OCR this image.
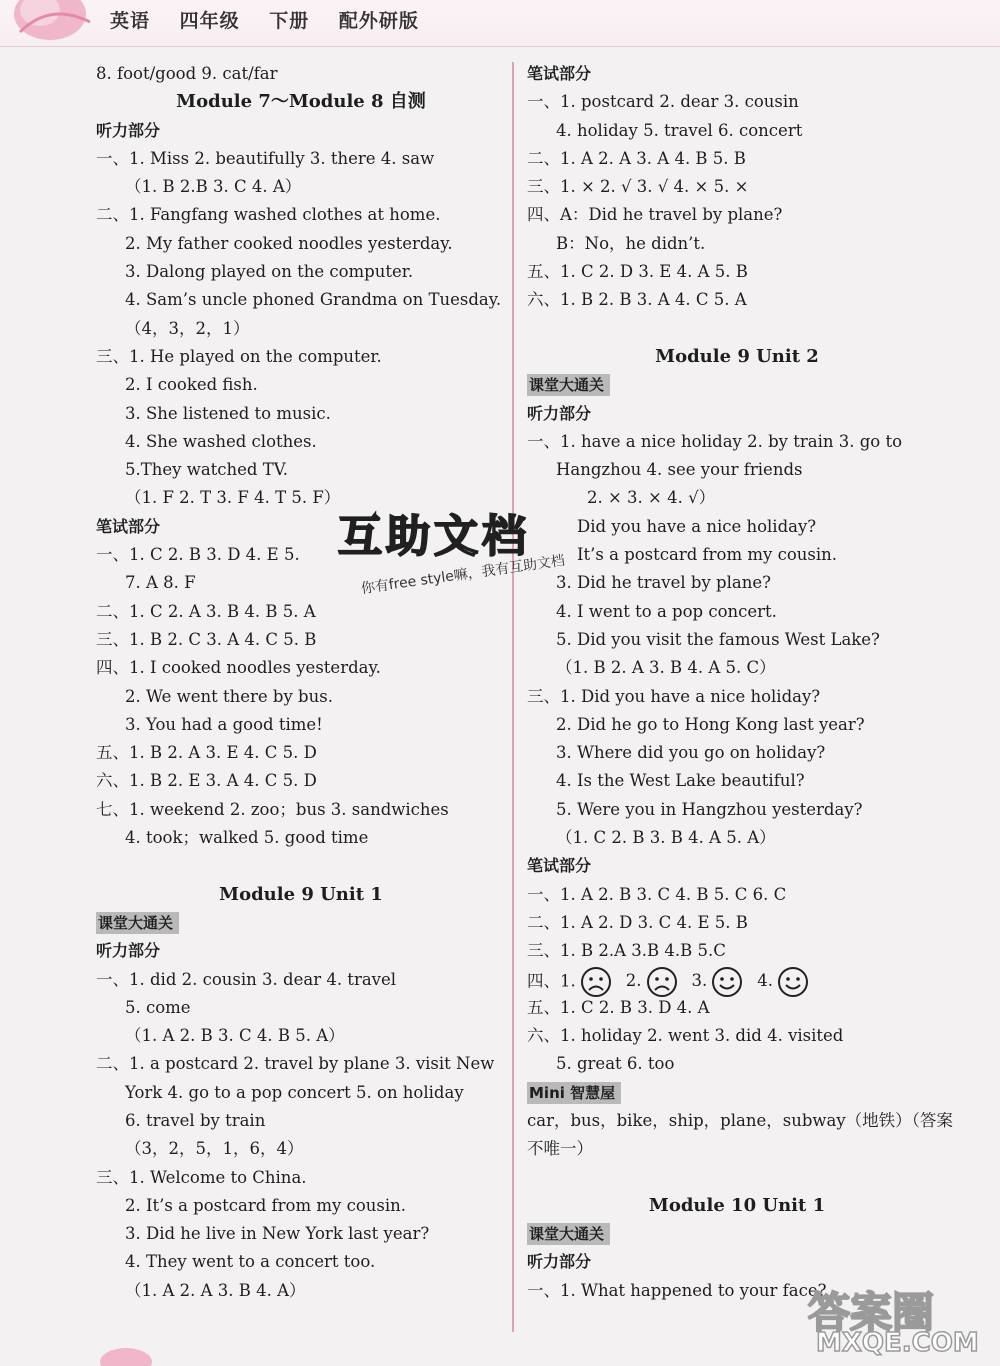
英语 四年级 下册 配外研版
8. foot/good 9. cat/far
Module 7～Module 8 自测
听力部分
一、1. Miss 2. beautifully 3. there 4. saw
（1. B 2.B 3. C 4. A）
二、1. Fangfang washed clothes at home.
2. My father cooked noodles yesterday.
3. Dalong played on the computer.
4. Sam’s uncle phoned Grandma on Tuesday.
（4，3，2，1）
三、1. He played on the computer.
2. I cooked fish.
3. She listened to music.
4. She washed clothes.
5.They watched TV.
（1. F 2. T 3. F 4. T 5. F）
笔试部分
一、1. C 2. B 3. D 4. E 5.
7. A 8. F
二、1. C 2. A 3. B 4. B 5. A
三、1. B 2. C 3. A 4. C 5. B
四、1. I cooked noodles yesterday.
2. We went there by bus.
3. You had a good time!
五、1. B 2. A 3. E 4. C 5. D
六、1. B 2. E 3. A 4. C 5. D
七、1. weekend 2. zoo；bus 3. sandwiches
4. took；walked 5. good time
Module 9 Unit 1
课堂大通关
听力部分
一、1. did 2. cousin 3. dear 4. travel
5. come
（1. A 2. B 3. C 4. B 5. A）
二、1. a postcard 2. travel by plane 3. visit New
York 4. go to a pop concert 5. on holiday
6. travel by train
（3，2，5，1，6，4）
三、1. Welcome to China.
2. It’s a postcard from my cousin.
3. Did he live in New York last year?
4. They went to a concert too.
（1. A 2. A 3. B 4. A）
笔试部分
一、1. postcard 2. dear 3. cousin
4. holiday 5. travel 6. concert
二、1. A 2. A 3. A 4. B 5. B
三、1. × 2. √ 3. √ 4. × 5. ×
四、A：Did he travel by plane?
B：No，he didn’t.
五、1. C 2. D 3. E 4. A 5. B
六、1. B 2. B 3. A 4. C 5. A
Module 9 Unit 2
课堂大通关
听力部分
一、1. have a nice holiday 2. by train 3. go to
Hangzhou 4. see your friends
2. × 3. × 4. √）
Did you have a nice holiday?
It’s a postcard from my cousin.
3. Did he travel by plane?
4. I went to a pop concert.
5. Did you visit the famous West Lake?
（1. B 2. A 3. B 4. A 5. C）
三、1. Did you have a nice holiday?
2. Did he go to Hong Kong last year?
3. Where did you go on holiday?
4. Is the West Lake beautiful?
5. Were you in Hangzhou yesterday?
（1. C 2. B 3. B 4. A 5. A）
笔试部分
一、1. A 2. B 3. C 4. B 5. C 6. C
二、1. A 2. D 3. C 4. E 5. B
三、1. B 2.A 3.B 4.B 5.C
四、1.	2.	3.	4.
五、1. C 2. B 3. D 4. A
六、1. holiday 2. went 3. did 4. visited
5. great 6. too
Mini 智慧屋
car，bus，bike，ship，plane，subway（地铁）（答案
不唯一）
Module 10 Unit 1
课堂大通关
听力部分
一、1. What happened to your face?
互助文档
你有free style嘛，我有互助文档
答案圈
MXQE.COM
